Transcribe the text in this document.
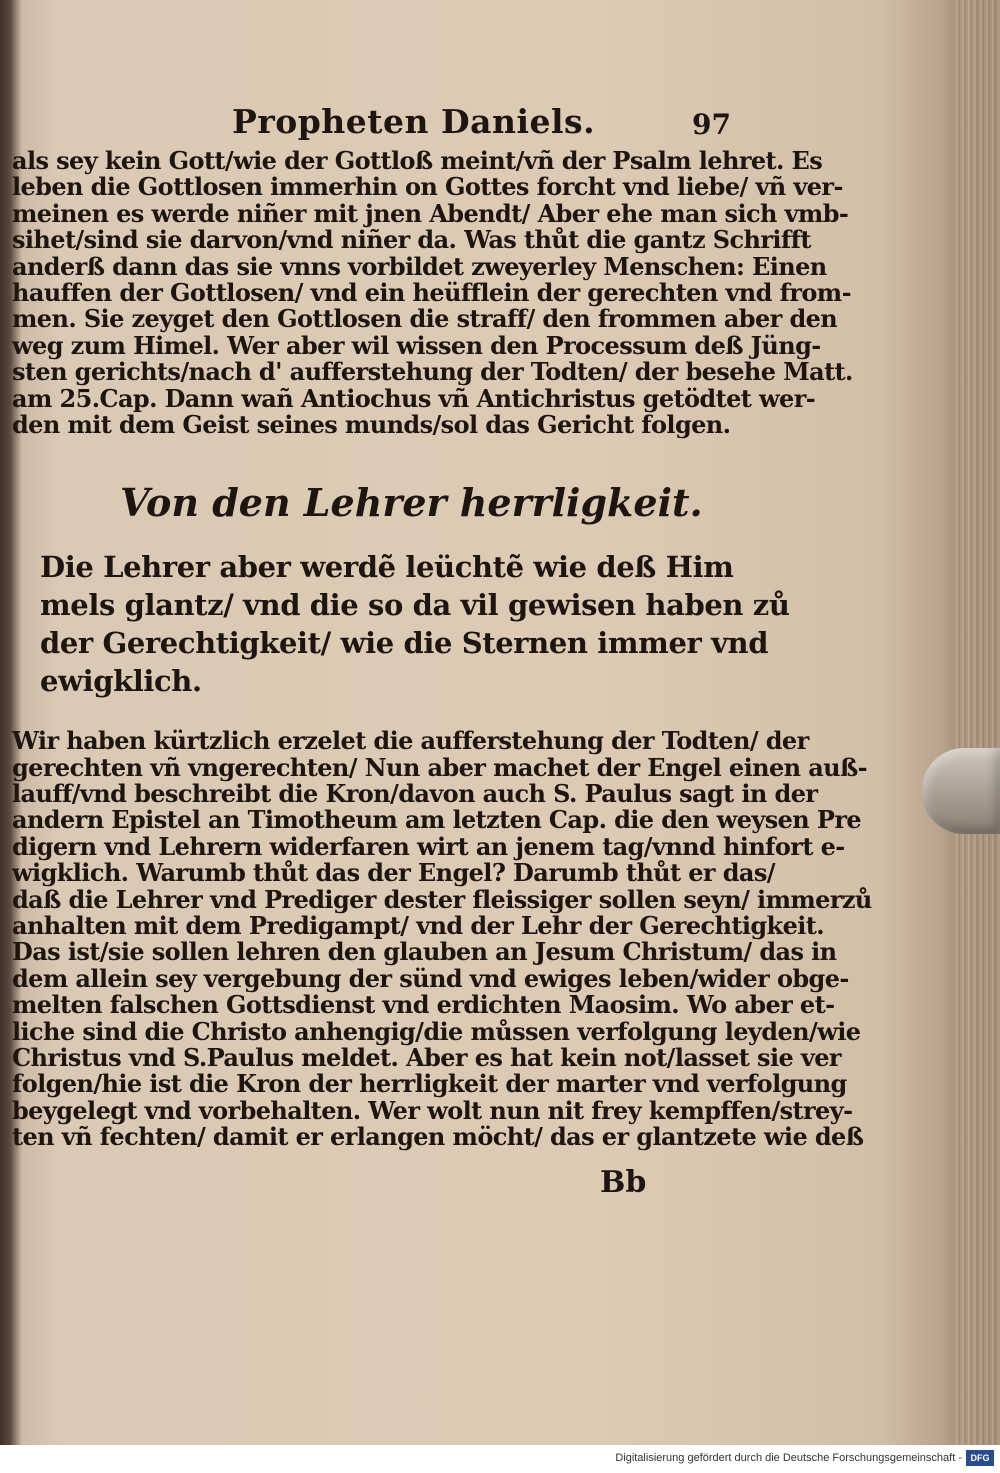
Propheten Daniels.	97
als sey kein Gott/wie der Gottloß meint/vñ der Psalm lehret. Es
leben die Gottlosen immerhin on Gottes forcht vnd liebe/ vñ ver-
meinen es werde niñer mit jnen Abendt/ Aber ehe man sich vmb-
sihet/sind sie darvon/vnd niñer da. Was thůt die gantz Schrifft
anderß dann das sie vnns vorbildet zweyerley Menschen: Einen
hauffen der Gottlosen/ vnd ein heüfflein der gerechten vnd from-
men. Sie zeyget den Gottlosen die straff/ den frommen aber den
weg zum Himel. Wer aber wil wissen den Processum deß Jüng-
sten gerichts/nach d' aufferstehung der Todten/ der besehe Matt.
am 25.Cap. Dann wañ Antiochus vñ Antichristus getödtet wer-
den mit dem Geist seines munds/sol das Gericht folgen.
Von den Lehrer herrligkeit.
Die Lehrer aber werdẽ leüchtẽ wie deß Him
mels glantz/ vnd die so da vil gewisen haben zů
der Gerechtigkeit/ wie die Sternen immer vnd
ewigklich.
Wir haben kürtzlich erzelet die aufferstehung der Todten/ der
gerechten vñ vngerechten/ Nun aber machet der Engel einen auß-
lauff/vnd beschreibt die Kron/davon auch S. Paulus sagt in der
andern Epistel an Timotheum am letzten Cap. die den weysen Pre
digern vnd Lehrern widerfaren wirt an jenem tag/vnnd hinfort e-
wigklich. Warumb thůt das der Engel? Darumb thůt er das/
daß die Lehrer vnd Prediger dester fleissiger sollen seyn/ immerzů
anhalten mit dem Predigampt/ vnd der Lehr der Gerechtigkeit.
Das ist/sie sollen lehren den glauben an Jesum Christum/ das in
dem allein sey vergebung der sünd vnd ewiges leben/wider obge-
melten falschen Gottsdienst vnd erdichten Maosim. Wo aber et-
liche sind die Christo anhengig/die můssen verfolgung leyden/wie
Christus vnd S.Paulus meldet. Aber es hat kein not/lasset sie ver
folgen/hie ist die Kron der herrligkeit der marter vnd verfolgung
beygelegt vnd vorbehalten. Wer wolt nun nit frey kempffen/strey-
ten vñ fechten/ damit er erlangen möcht/ das er glantzete wie deß
Bb
Digitalisierung gefördert durch die Deutsche Forschungsgemeinschaft - DFG
